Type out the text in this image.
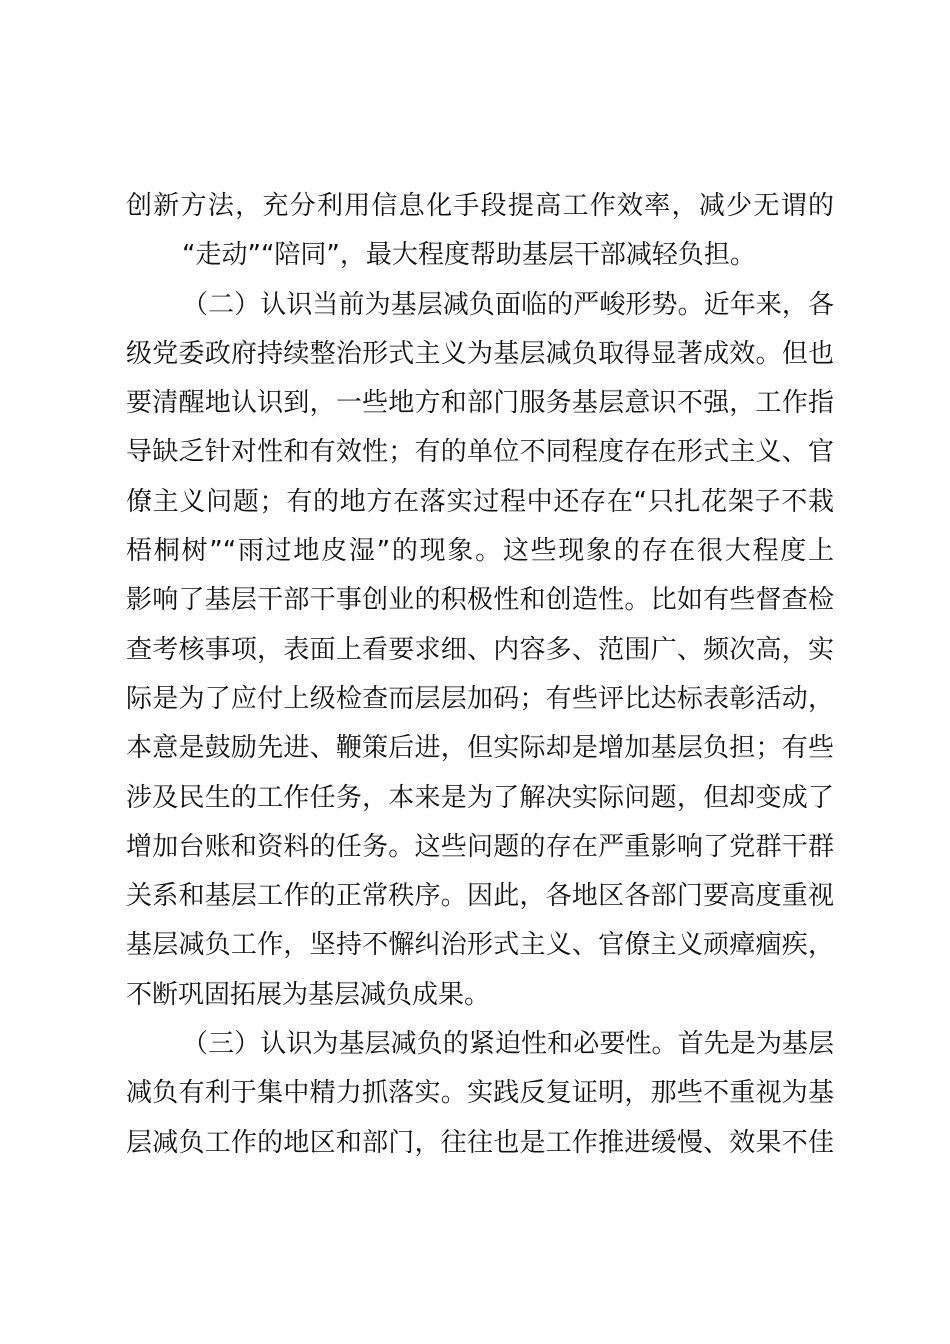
创新方法，充分利用信息化手段提高工作效率，减少无谓的
“走动”“陪同”，最大程度帮助基层干部减轻负担。
（二）认识当前为基层减负面临的严峻形势。近年来，各
级党委政府持续整治形式主义为基层减负取得显著成效。但也
要清醒地认识到，一些地方和部门服务基层意识不强，工作指
导缺乏针对性和有效性；有的单位不同程度存在形式主义、官
僚主义问题；有的地方在落实过程中还存在“只扎花架子不栽
梧桐树”“雨过地皮湿”的现象。这些现象的存在很大程度上
影响了基层干部干事创业的积极性和创造性。比如有些督查检
查考核事项，表面上看要求细、内容多、范围广、频次高，实
际是为了应付上级检查而层层加码；有些评比达标表彰活动，
本意是鼓励先进、鞭策后进，但实际却是增加基层负担；有些
涉及民生的工作任务，本来是为了解决实际问题，但却变成了
增加台账和资料的任务。这些问题的存在严重影响了党群干群
关系和基层工作的正常秩序。因此，各地区各部门要高度重视
基层减负工作，坚持不懈纠治形式主义、官僚主义顽瘴痼疾，
不断巩固拓展为基层减负成果。
（三）认识为基层减负的紧迫性和必要性。首先是为基层
减负有利于集中精力抓落实。实践反复证明，那些不重视为基
层减负工作的地区和部门，往往也是工作推进缓慢、效果不佳
